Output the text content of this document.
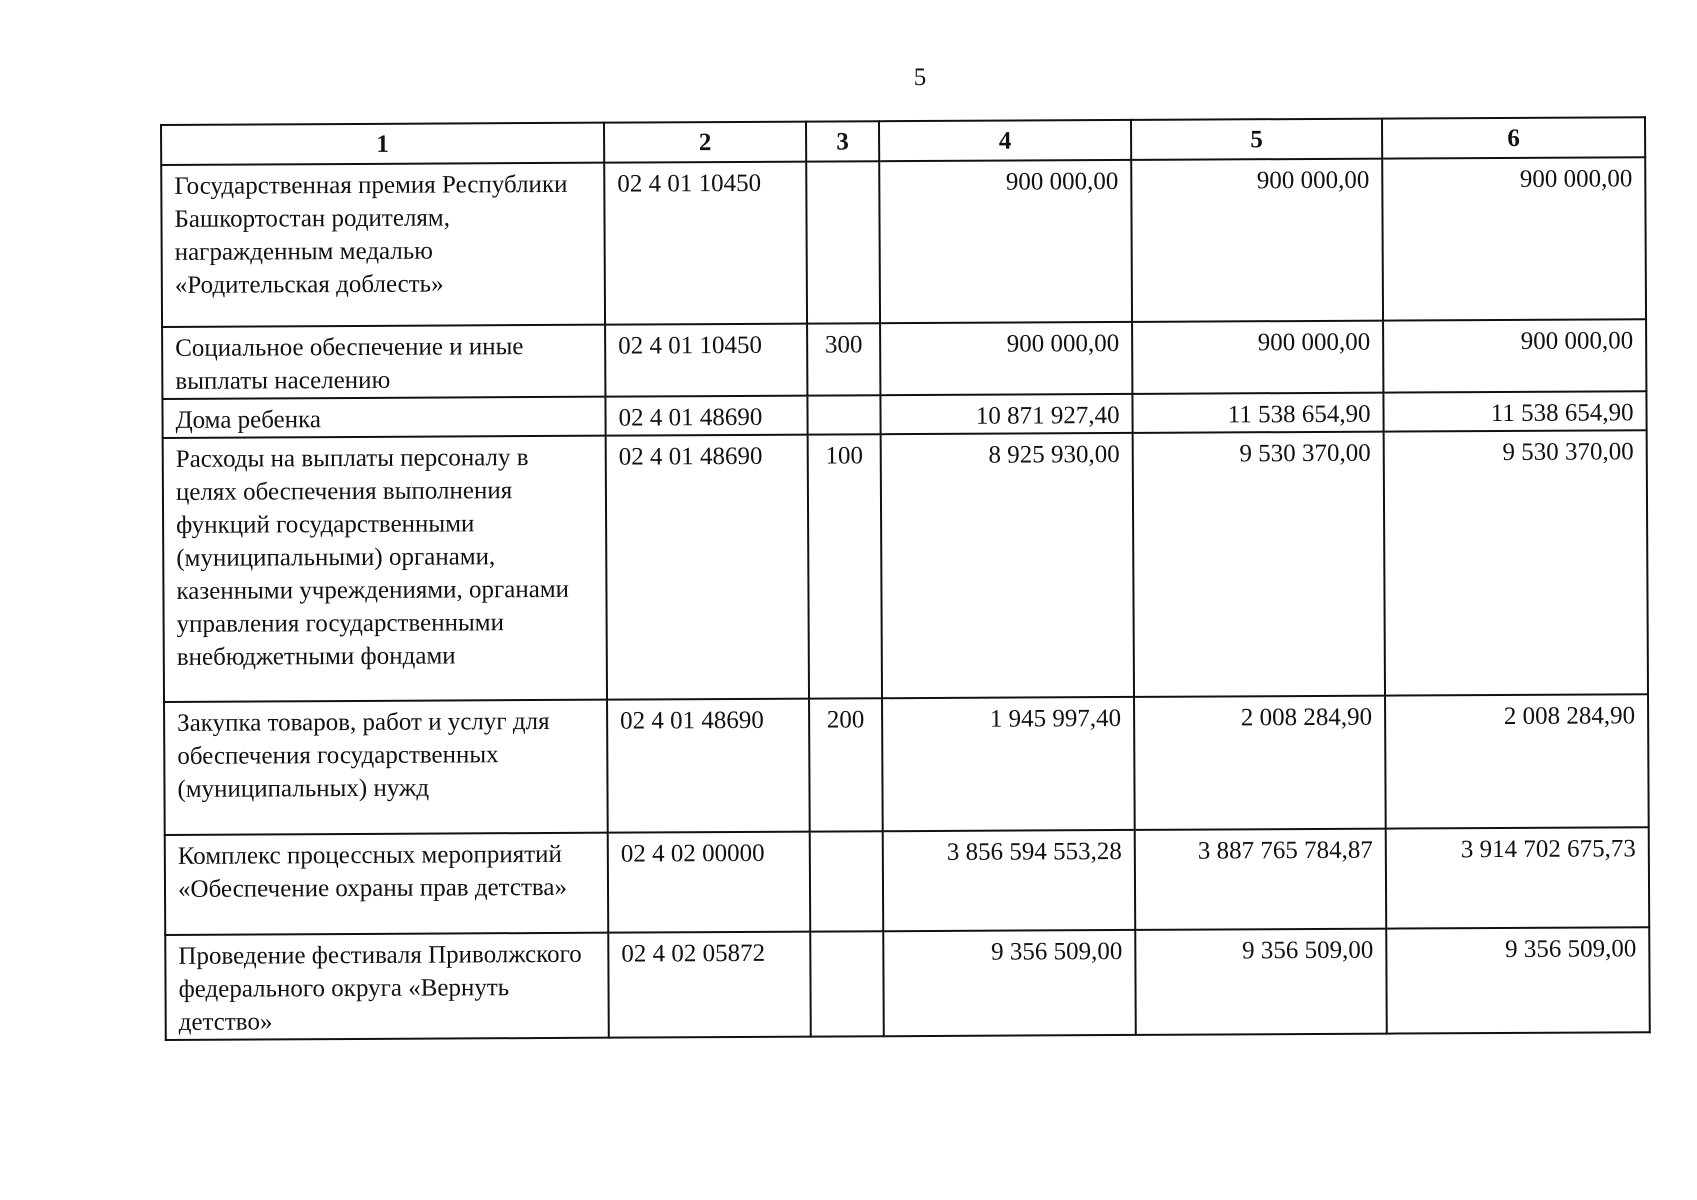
5
1	2	3	4	5	6
Государственная премия Республики Башкортостан родителям, награжденным медалью «Родительская доблесть»	02 4 01 10450		900 000,00	900 000,00	900 000,00
Социальное обеспечение и иные выплаты населению	02 4 01 10450	300	900 000,00	900 000,00	900 000,00
Дома ребенка	02 4 01 48690		10 871 927,40	11 538 654,90	11 538 654,90
Расходы на выплаты персоналу в целях обеспечения выполнения функций государственными (муниципальными) органами, казенными учреждениями, органами управления государственными внебюджетными фондами	02 4 01 48690	100	8 925 930,00	9 530 370,00	9 530 370,00
Закупка товаров, работ и услуг для обеспечения государственных (муниципальных) нужд	02 4 01 48690	200	1 945 997,40	2 008 284,90	2 008 284,90
Комплекс процессных мероприятий «Обеспечение охраны прав детства»	02 4 02 00000		3 856 594 553,28	3 887 765 784,87	3 914 702 675,73
Проведение фестиваля Приволжского федерального округа «Вернуть детство»	02 4 02 05872		9 356 509,00	9 356 509,00	9 356 509,00
